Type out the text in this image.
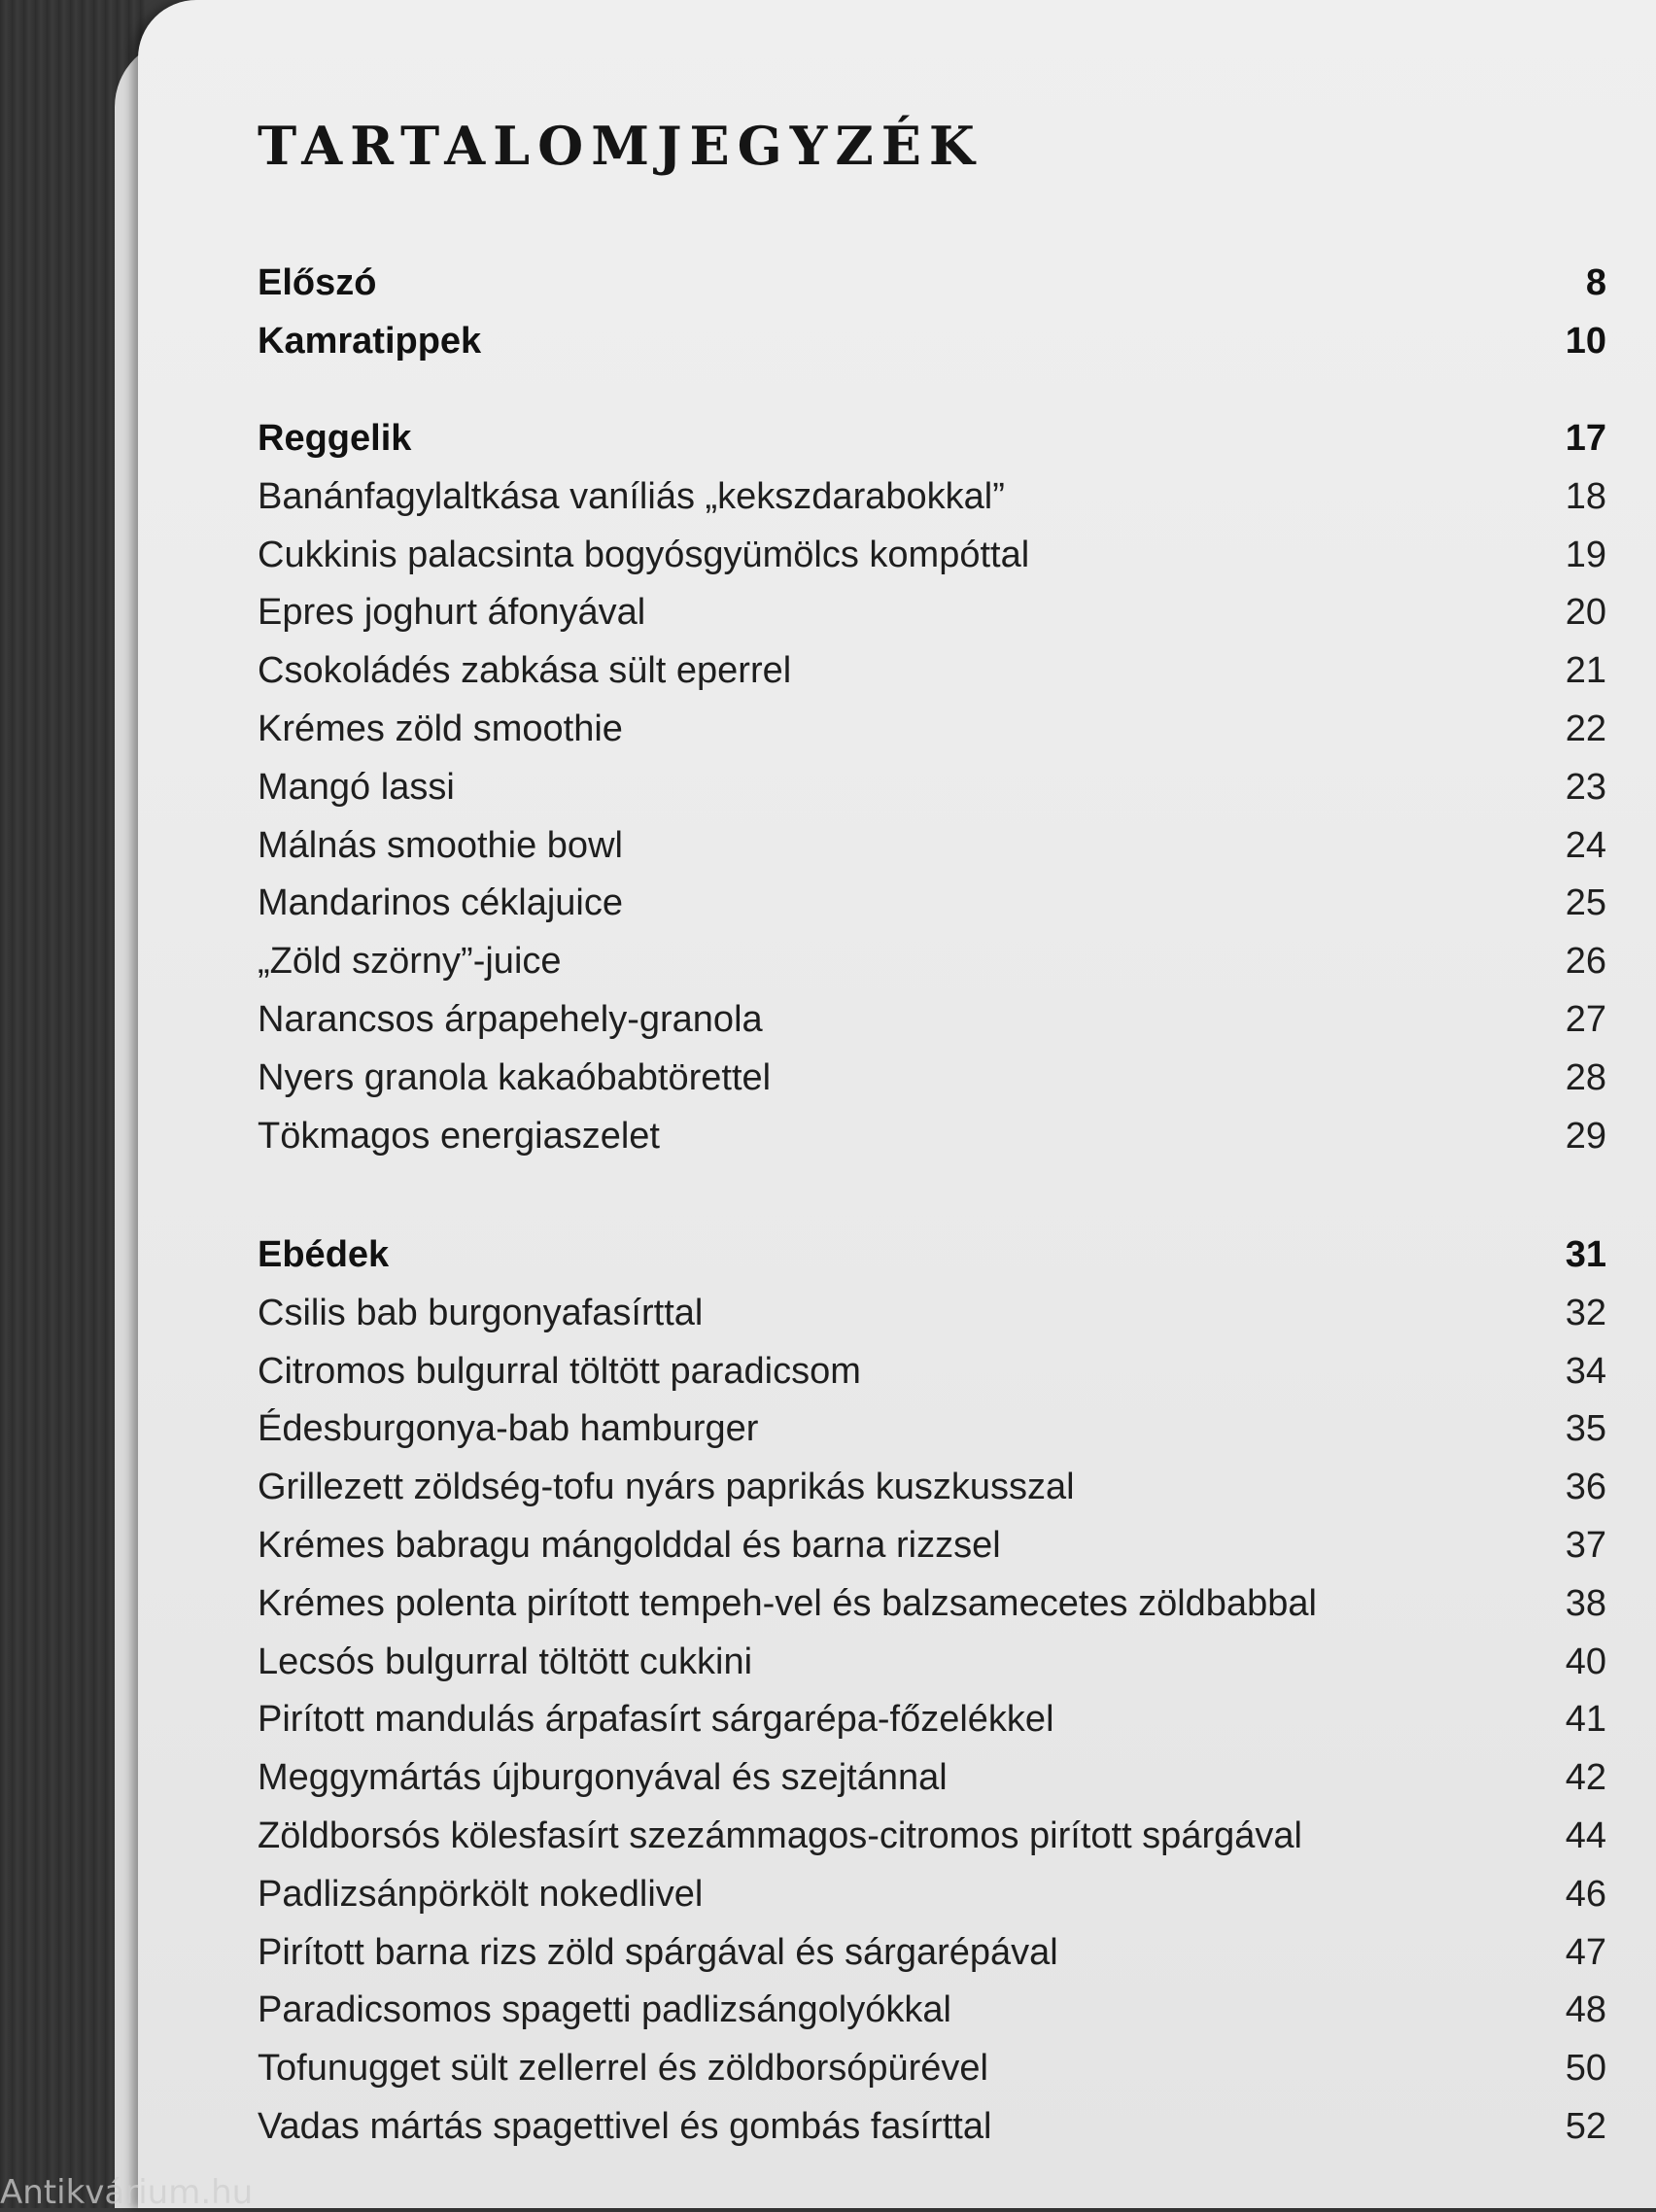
TARTALOMJEGYZÉK
Előszó	8
Kamratippek	10
Reggelik	17
Banánfagylaltkása vaníliás „kekszdarabokkal”	18
Cukkinis palacsinta bogyósgyümölcs kompóttal	19
Epres joghurt áfonyával	20
Csokoládés zabkása sült eperrel	21
Krémes zöld smoothie	22
Mangó lassi	23
Málnás smoothie bowl	24
Mandarinos céklajuice	25
„Zöld szörny”-juice	26
Narancsos árpapehely-granola	27
Nyers granola kakaóbabtörettel	28
Tökmagos energiaszelet	29
Ebédek	31
Csilis bab burgonyafasírttal	32
Citromos bulgurral töltött paradicsom	34
Édesburgonya-bab hamburger	35
Grillezett zöldség-tofu nyárs paprikás kuszkusszal	36
Krémes babragu mángolddal és barna rizzsel	37
Krémes polenta pirított tempeh-vel és balzsamecetes zöldbabbal	38
Lecsós bulgurral töltött cukkini	40
Pirított mandulás árpafasírt sárgarépa-főzelékkel	41
Meggymártás újburgonyával és szejtánnal	42
Zöldborsós kölesfasírt szezámmagos-citromos pirított spárgával	44
Padlizsánpörkölt nokedlivel	46
Pirított barna rizs zöld spárgával és sárgarépával	47
Paradicsomos spagetti padlizsángolyókkal	48
Tofunugget sült zellerrel és zöldborsópürével	50
Vadas mártás spagettivel és gombás fasírttal	52
Antikvárium.hu
